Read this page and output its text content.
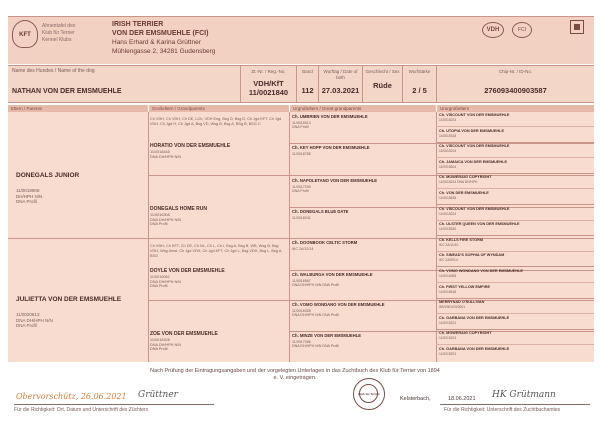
KFT
Ahnentafel des
Klub für Terrier
Kennel Klubs
IRISH TERRIER
VON DER EMSMUEHLE (FCI)
Hans Erhard & Karina Grüttner
Mühlengasse 2, 34281 Gudensberg
VDH	FCI
Name des Hundes / Name of the dog
NATHAN VON DER EMSMUEHLE
Zt.-Nr. / Reg.-No.
VDH/KfT
11/0021840
Band
112
Wurftag / Date of birth
27.03.2021
Geschlecht / Sex
Rüde
Wurfstärke
2 / 5
Chip-Nr. / ID-No.
276093400903587
Eltern / Parents	Großeltern / Grandparents	Urgroßeltern / Great-grandparents	Ururgroßeltern
DONEGALS JUNIOR
11/0018808
DH/HPH N/N
DNA Profil
Ch VDH, Ch VDH, Ch DE, LCh, VDH Eng, Bsg D, Bsg D, Ch Jgd KFT, Ch Jgd VDH, Ch Jgd H, Ch Jgd A, Bsg VD, Wsg B, Bsg A, BSg B, BSG C
HORATIO VON DER EMSMUEHLE
11/0018448
DNA DH/HPH N/N
DONEGALS HOME RUN
11/0016308
DNA DH/HPH N/N
DNA Profil
JULIETTA VON DER EMSMUEHLE
11/0020613
DNA DH/HPH N/N
DNA Profil
Ch VDH, Ch KFT, Ch DE, Ch NL, Ch L, Ch I, Bsg A, Bsg B, WB, Wsg B, Bsg VDH, Wsg Amst, Ch Jgd VDH, Ch Jgd KFT, Ch Jgd L, Bsg VDH, Bsg L, Bsg A, BSG
DOYLE VON DER EMSMUEHLE
11/0016062
DNA DH/HPH N/N
DNA Profil
ZOE VON DER EMSMUEHLE
11/0018328
DNA DH/HPH N/N
DNA Profil
Nach Prüfung der Eintragungsangaben und der vorgelegten Unterlagen in das Zuchtbuch des Klub für Terrier von 1894 e. V. eingetragen.
Klub für Terrier
Kelsterbach,	18.06.2021
Obervorschütz, 26.06.2021 Grüttner
Für die Richtigkeit: Ort, Datum und Unterschrift des Züchters
HK Grütmann
Für die Richtigkeit: Unterschrift des Zuchtbuchamtes
Ch. UMBRIEN VON DER EMSMUEHLE
11/0016513
DNA Profil
Ch. KEY HOPP VON DER EMSMUEHLE
11/0016785
Ch. NAPOLETANO VON DER EMSMUEHLE
11/0017290
DNA Profil
Ch. DONEGALS BLUE DATE
11/0016041
Ch. DOONBOOK CELTIC STORM
IKC 2A/12/14
Ch. WALBURGA VON DER EMSMUEHLE
11/0016567
DNA DH/HPH N/N DNA Profil
Ch. VOMO WONDANO VON DER EMSMUEHLE
11/0016355
DNA DH/HPH N/N DNA Profil
Ch. MINZE VON DER EMSMUEHLE
11/0017086
DNA DH/HPH N/N DNA Profil
Ch. VISCOUNT VON DER EMSMUEHLE
11/0015224
Ch. UTOPIA VON DER EMSMUEHLE
11/0015318
Ch. VISCOUNT VON DER EMSMUEHLE
11/0015224
Ch. JAMAICA VON DER EMSMUEHLE
11/0015504
Ch. MOWERAIG COPYRIGHT
11/0015224 DNA DH/HPH
Ch. VON DER EMSMUEHLE
11/0015635
Ch. VISCOUNT VON DER EMSMUEHLE
11/0015224
Ch. ULSTER QUEEN VON DER EMSMUEHLE
11/0015330
Ch. KELLS FIRE STORM
IKC 2A/11/10
Ch. SINEAD'S SOPHIA OF WYNDAM
IKC 2A/0014
Ch. VOMO WONDANO VON DER EMSMUEHLE
11/0016355
Ch. FIRST YELLOW EMPIRE
11/0016518
MERRYNAD O'SULLIVAN
IMV0001/00/0001
Ch. GARBANA VON DER EMSMUEHLE
11/0015221
Ch. MOWERAIG COPYRIGHT
11/0015224
Ch. GARBANA VON DER EMSMUEHLE
11/0015221
